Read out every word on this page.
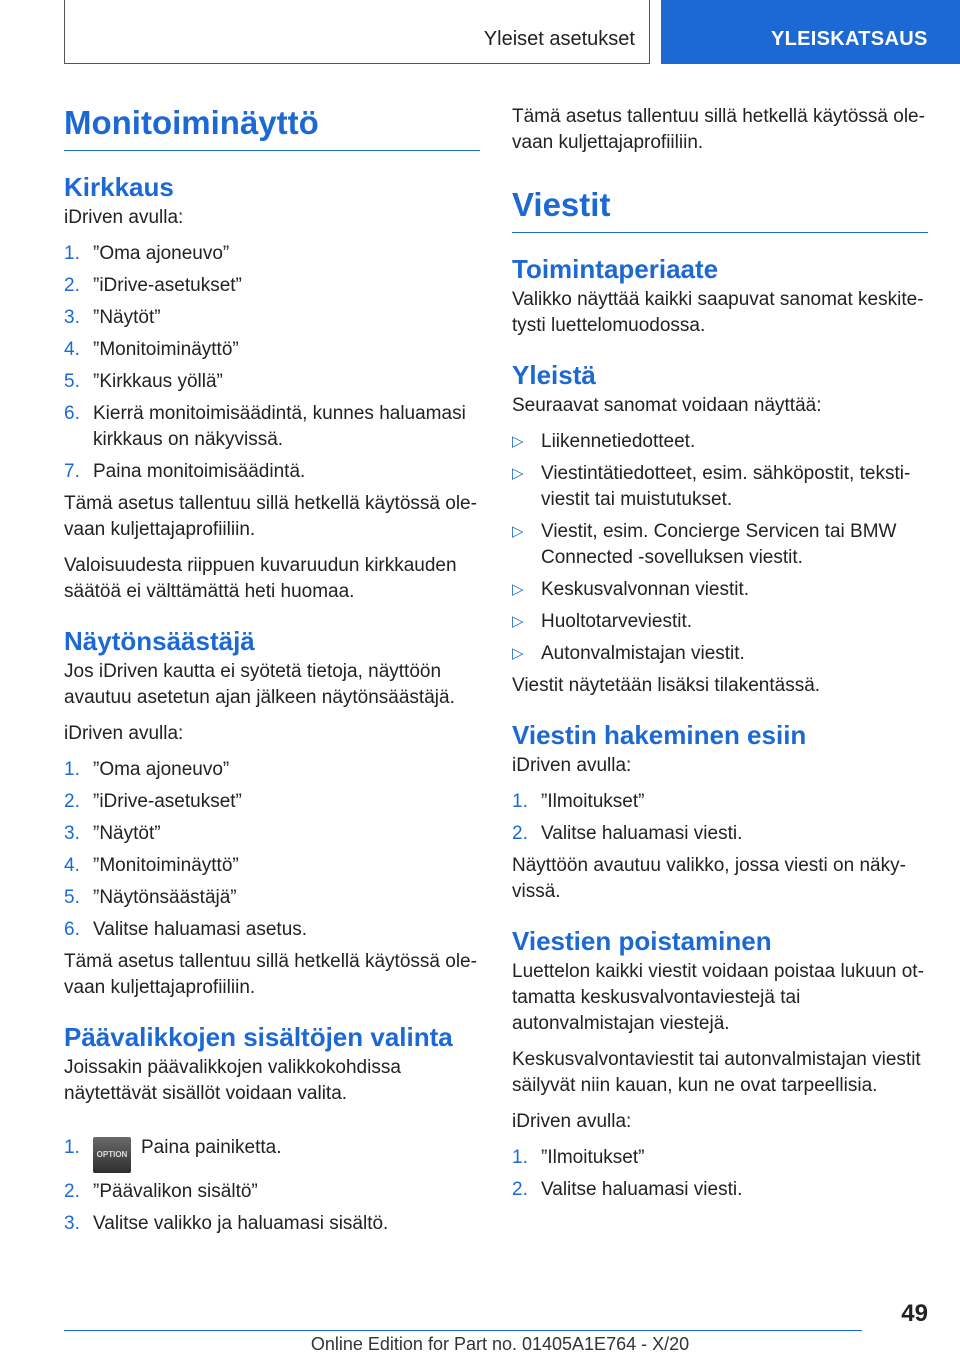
Yleiset asetukset	YLEISKATSAUS
Monitoiminäyttö
Kirkkaus

iDriven avulla:

1. ”Oma ajoneuvo”
2. ”iDrive-asetukset”
3. ”Näytöt”
4. ”Monitoiminäyttö”
5. ”Kirkkaus yöllä”
6. Kierrä monitoimisäädintä, kunnes haluamasi kirkkaus on näkyvissä.
7. Paina monitoimisäädintä.

Tämä asetus tallentuu sillä hetkellä käytössä olevaan kuljettajaprofiiliin.

Valoisuudesta riippuen kuvaruudun kirkkauden säätöä ei välttämättä heti huomaa.

Näytönsäästäjä

Jos iDriven kautta ei syötetä tietoja, näyttöön avautuu asetetun ajan jälkeen näytönsäästäjä.

iDriven avulla:

1. ”Oma ajoneuvo”
2. ”iDrive-asetukset”
3. ”Näytöt”
4. ”Monitoiminäyttö”
5. ”Näytönsäästäjä”
6. Valitse haluamasi asetus.

Tämä asetus tallentuu sillä hetkellä käytössä olevaan kuljettajaprofiiliin.

Päävalikkojen sisältöjen valinta

Joissakin päävalikkojen valikkokohdissa näytettävät sisällöt voidaan valita.

1. OPTION Paina painiketta.
2. ”Päävalikon sisältö”
3. Valitse valikko ja haluamasi sisältö.

Tämä asetus tallentuu sillä hetkellä käytössä olevaan kuljettajaprofiiliin.

Viestit
Toimintaperiaate

Valikko näyttää kaikki saapuvat sanomat keskitetysti luettelomuodossa.

Yleistä

Seuraavat sanomat voidaan näyttää:

▷ Liikennetiedotteet.
▷ Viestintätiedotteet, esim. sähköpostit, tekstiviestit tai muistutukset.
▷ Viestit, esim. Concierge Servicen tai BMW Connected -sovelluksen viestit.
▷ Keskusvalvonnan viestit.
▷ Huoltotarveviestit.
▷ Autonvalmistajan viestit.

Viestit näytetään lisäksi tilakentässä.

Viestin hakeminen esiin

iDriven avulla:

1. ”Ilmoitukset”
2. Valitse haluamasi viesti.

Näyttöön avautuu valikko, jossa viesti on näkyvissä.

Viestien poistaminen

Luettelon kaikki viestit voidaan poistaa lukuun ottamatta keskusvalvontaviestejä tai autonvalmistajan viestejä.

Keskusvalvontaviestit tai autonvalmistajan viestit säilyvät niin kauan, kun ne ovat tarpeellisia.

iDriven avulla:

1. ”Ilmoitukset”
2. Valitse haluamasi viesti.
49
Online Edition for Part no. 01405A1E764 - X/20
